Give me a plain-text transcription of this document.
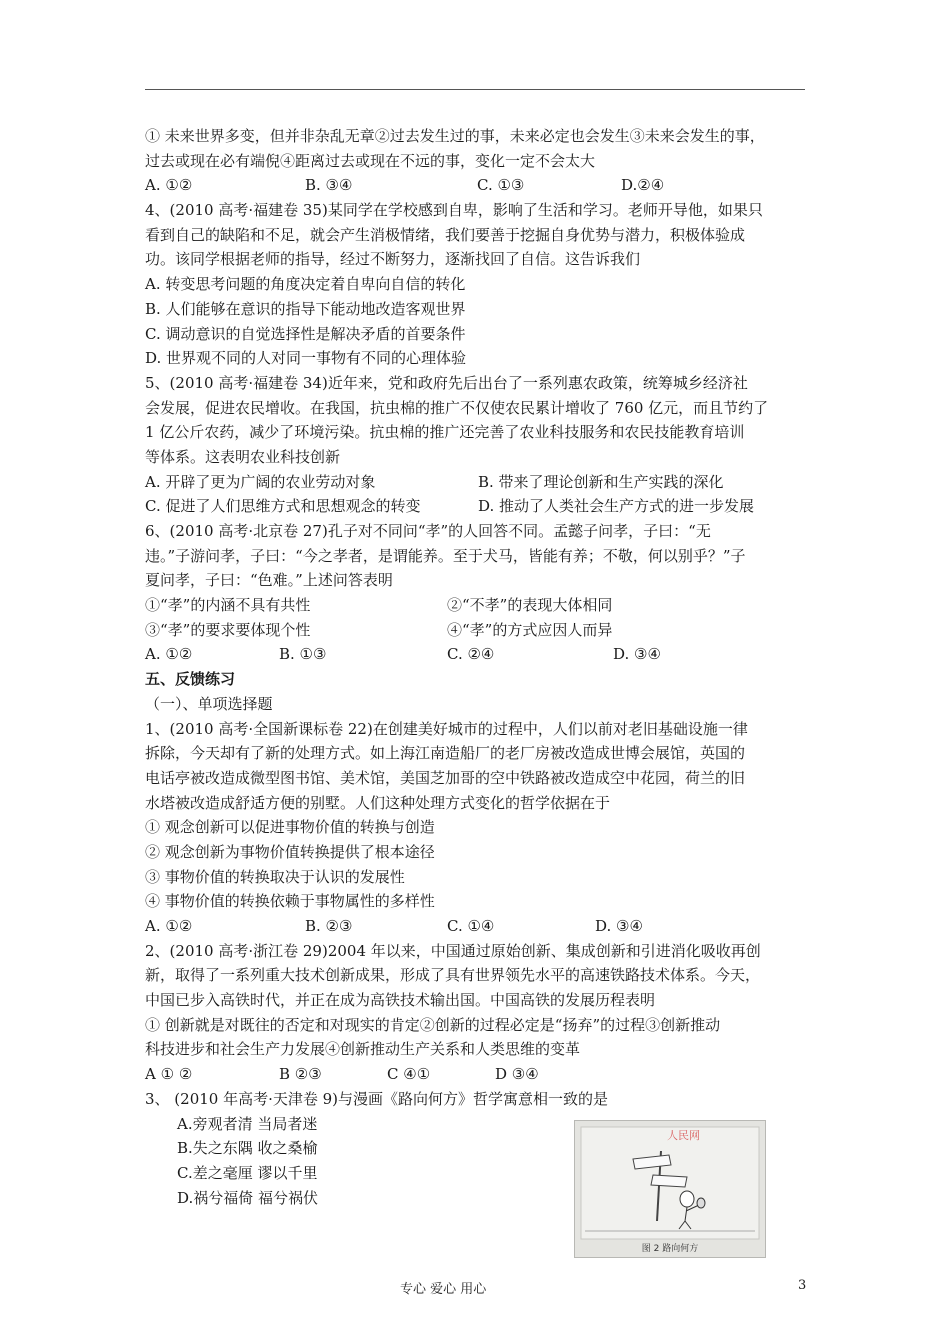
① 未来世界多变，但并非杂乱无章②过去发生过的事，未来必定也会发生③未来会发生的事，
过去或现在必有端倪④距离过去或现在不远的事，变化一定不会太大
A. ①②	B. ③④	C. ①③	D.②④
4、(2010 高考·福建卷 35)某同学在学校感到自卑，影响了生活和学习。老师开导他，如果只
看到自己的缺陷和不足，就会产生消极情绪，我们要善于挖掘自身优势与潜力，积极体验成
功。该同学根据老师的指导，经过不断努力，逐渐找回了自信。这告诉我们
A. 转变思考问题的角度决定着自卑向自信的转化
B. 人们能够在意识的指导下能动地改造客观世界
C. 调动意识的自觉选择性是解决矛盾的首要条件
D. 世界观不同的人对同一事物有不同的心理体验
5、(2010 高考·福建卷 34)近年来，党和政府先后出台了一系列惠农政策，统筹城乡经济社
会发展，促进农民增收。在我国，抗虫棉的推广不仅使农民累计增收了 760 亿元，而且节约了
1 亿公斤农药，减少了环境污染。抗虫棉的推广还完善了农业科技服务和农民技能教育培训
等体系。这表明农业科技创新
A. 开辟了更为广阔的农业劳动对象	B. 带来了理论创新和生产实践的深化
C. 促进了人们思维方式和思想观念的转变	D. 推动了人类社会生产方式的进一步发展
6、(2010 高考·北京卷 27)孔子对不同问“孝”的人回答不同。孟懿子问孝，子曰：“无
违。”子游问孝，子曰：“今之孝者，是谓能养。至于犬马，皆能有养；不敬，何以别乎？”子
夏问孝，子曰：“色难。”上述问答表明
①“孝”的内涵不具有共性	②“不孝”的表现大体相同
③“孝”的要求要体现个性	④“孝”的方式应因人而异
A. ①②	B. ①③	C. ②④	D. ③④
五、反馈练习
（一）、单项选择题
1、(2010 高考·全国新课标卷 22)在创建美好城市的过程中，人们以前对老旧基础设施一律
拆除，今天却有了新的处理方式。如上海江南造船厂的老厂房被改造成世博会展馆，英国的
电话亭被改造成微型图书馆、美术馆，美国芝加哥的空中铁路被改造成空中花园，荷兰的旧
水塔被改造成舒适方便的别墅。人们这种处理方式变化的哲学依据在于
① 观念创新可以促进事物价值的转换与创造
② 观念创新为事物价值转换提供了根本途径
③ 事物价值的转换取决于认识的发展性
④ 事物价值的转换依赖于事物属性的多样性
A. ①②	B. ②③	C. ①④	D. ③④
2、(2010 高考·浙江卷 29)2004 年以来，中国通过原始创新、集成创新和引进消化吸收再创
新，取得了一系列重大技术创新成果，形成了具有世界领先水平的高速铁路技术体系。今天，
中国已步入高铁时代，并正在成为高铁技术输出国。中国高铁的发展历程表明
① 创新就是对既往的否定和对现实的肯定②创新的过程必定是“扬弃”的过程③创新推动
科技进步和社会生产力发展④创新推动生产关系和人类思维的变革
A ① ②	B ②③	C ④①	D ③④
3、 (2010 年高考·天津卷 9)与漫画《路向何方》哲学寓意相一致的是
A.旁观者清 当局者迷
B.失之东隅 收之桑榆
C.差之毫厘 谬以千里
D.祸兮福倚 福兮祸伏
人民网
图 2 路向何方
专心 爱心 用心	3
